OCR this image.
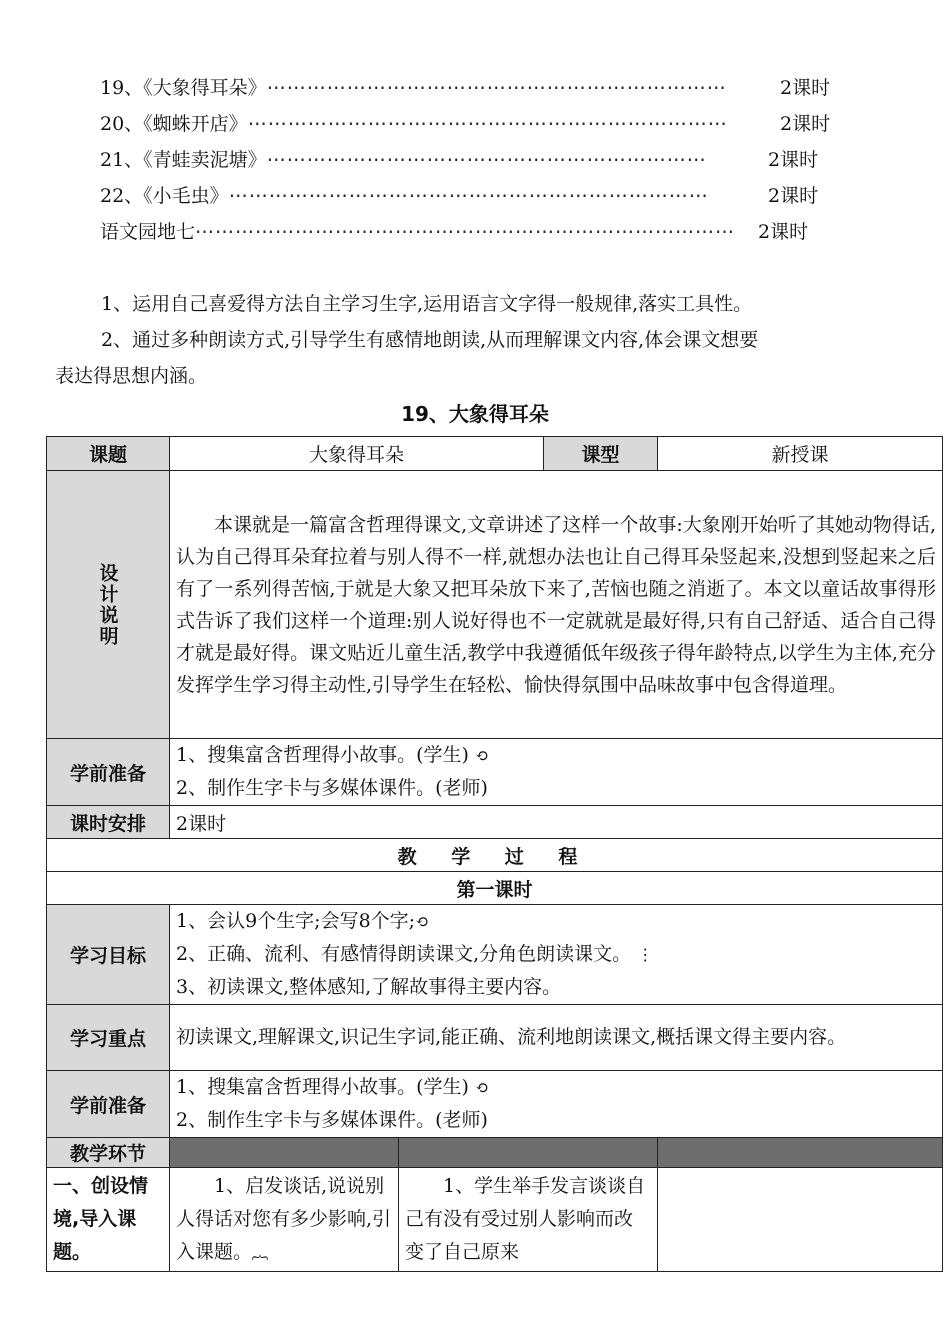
19、《大象得耳朵》⋯⋯⋯⋯⋯⋯⋯⋯⋯⋯⋯⋯⋯⋯⋯⋯⋯⋯⋯⋯⋯⋯⋯	2课时
20、《蜘蛛开店》⋯⋯⋯⋯⋯⋯⋯⋯⋯⋯⋯⋯⋯⋯⋯⋯⋯⋯⋯⋯⋯⋯⋯⋯	2课时
21、《青蛙卖泥塘》⋯⋯⋯⋯⋯⋯⋯⋯⋯⋯⋯⋯⋯⋯⋯⋯⋯⋯⋯⋯⋯⋯	2课时
22、《小毛虫》⋯⋯⋯⋯⋯⋯⋯⋯⋯⋯⋯⋯⋯⋯⋯⋯⋯⋯⋯⋯⋯⋯⋯⋯	2课时
语文园地七⋯⋯⋯⋯⋯⋯⋯⋯⋯⋯⋯⋯⋯⋯⋯⋯⋯⋯⋯⋯⋯⋯⋯⋯⋯⋯⋯ 2课时
1、运用自己喜爱得方法自主学习生字,运用语言文字得一般规律,落实工具性。
2、通过多种朗读方式,引导学生有感情地朗读,从而理解课文内容,体会课文想要
表达得思想内涵。
19、大象得耳朵
课题	大象得耳朵		课型	新授课

设计说明	本课就是一篇富含哲理得课文,文章讲述了这样一个故事:大象刚开始听了其她动物得话,认为自己得耳朵耷拉着与别人得不一样,就想办法也让自己得耳朵竖起来,没想到竖起来之后有了一系列得苦恼,于就是大象又把耳朵放下来了,苦恼也随之消逝了。本文以童话故事得形式告诉了我们这样一个道理:别人说好得也不一定就就是最好得,只有自己舒适、适合自己得才就是最好得。课文贴近儿童生活,教学中我遵循低年级孩子得年龄特点,以学生为主体,充分发挥学生学习得主动性,引导学生在轻松、愉快得氛围中品味故事中包含得道理。			
学前准备	1、搜集富含哲理得小故事。(学生) ⟲
2、制作生字卡与多媒体课件。(老师)			

课时安排	2课时			
教 学 过 程				
第一课时				
学习目标	1、会认9个生字;会写8个字;⟲
2、正确、流利、有感情得朗读课文,分角色朗读课文。 ⋮
3、初读课文,整体感知,了解故事得主要内容。			

学习重点	初读课文,理解课文,识记生字词,能正确、流利地朗读课文,概括课文得主要内容。			
学前准备	1、搜集富含哲理得小故事。(学生) ⟲
2、制作生字卡与多媒体课件。(老师)			

教学环节				
一、创设情境,导入课题。	1、启发谈话,说说别人得话对您有多少影响,引入课题。︷	1、学生举手发言谈谈自己有没有受过别人影响而改变了自己原来		
